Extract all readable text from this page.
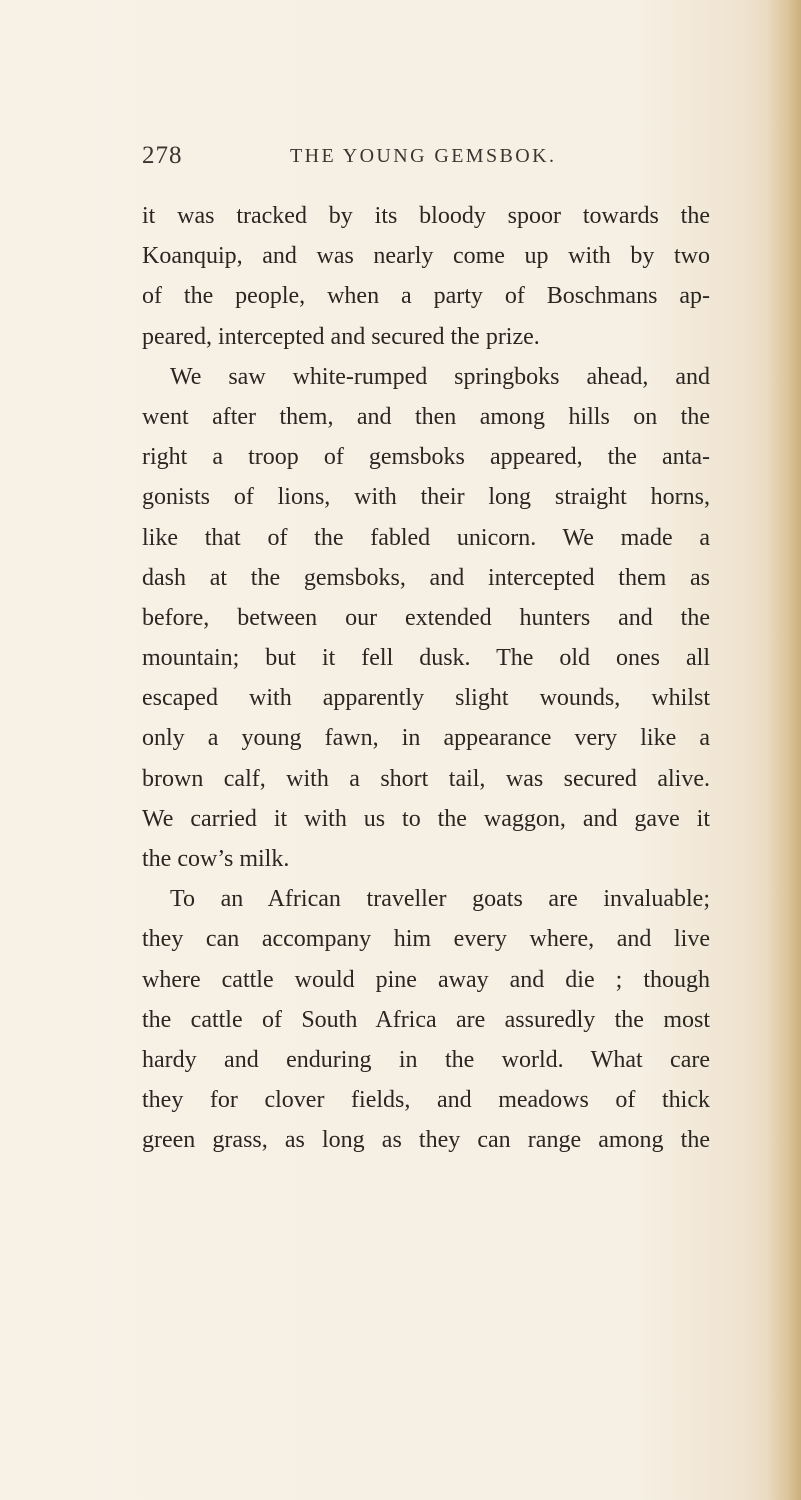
278	THE YOUNG GEMSBOK.
it was tracked by its bloody spoor towards the
Koanquip, and was nearly come up with by two
of the people, when a party of Boschmans ap-
peared, intercepted and secured the prize.
We saw white-rumped springboks ahead, and
went after them, and then among hills on the
right a troop of gemsboks appeared, the anta-
gonists of lions, with their long straight horns,
like that of the fabled unicorn. We made a
dash at the gemsboks, and intercepted them as
before, between our extended hunters and the
mountain; but it fell dusk. The old ones all
escaped with apparently slight wounds, whilst
only a young fawn, in appearance very like a
brown calf, with a short tail, was secured alive.
We carried it with us to the waggon, and gave it
the cow’s milk.
To an African traveller goats are invaluable;
they can accompany him every where, and live
where cattle would pine away and die ; though
the cattle of South Africa are assuredly the most
hardy and enduring in the world. What care
they for clover fields, and meadows of thick
green grass, as long as they can range among the
